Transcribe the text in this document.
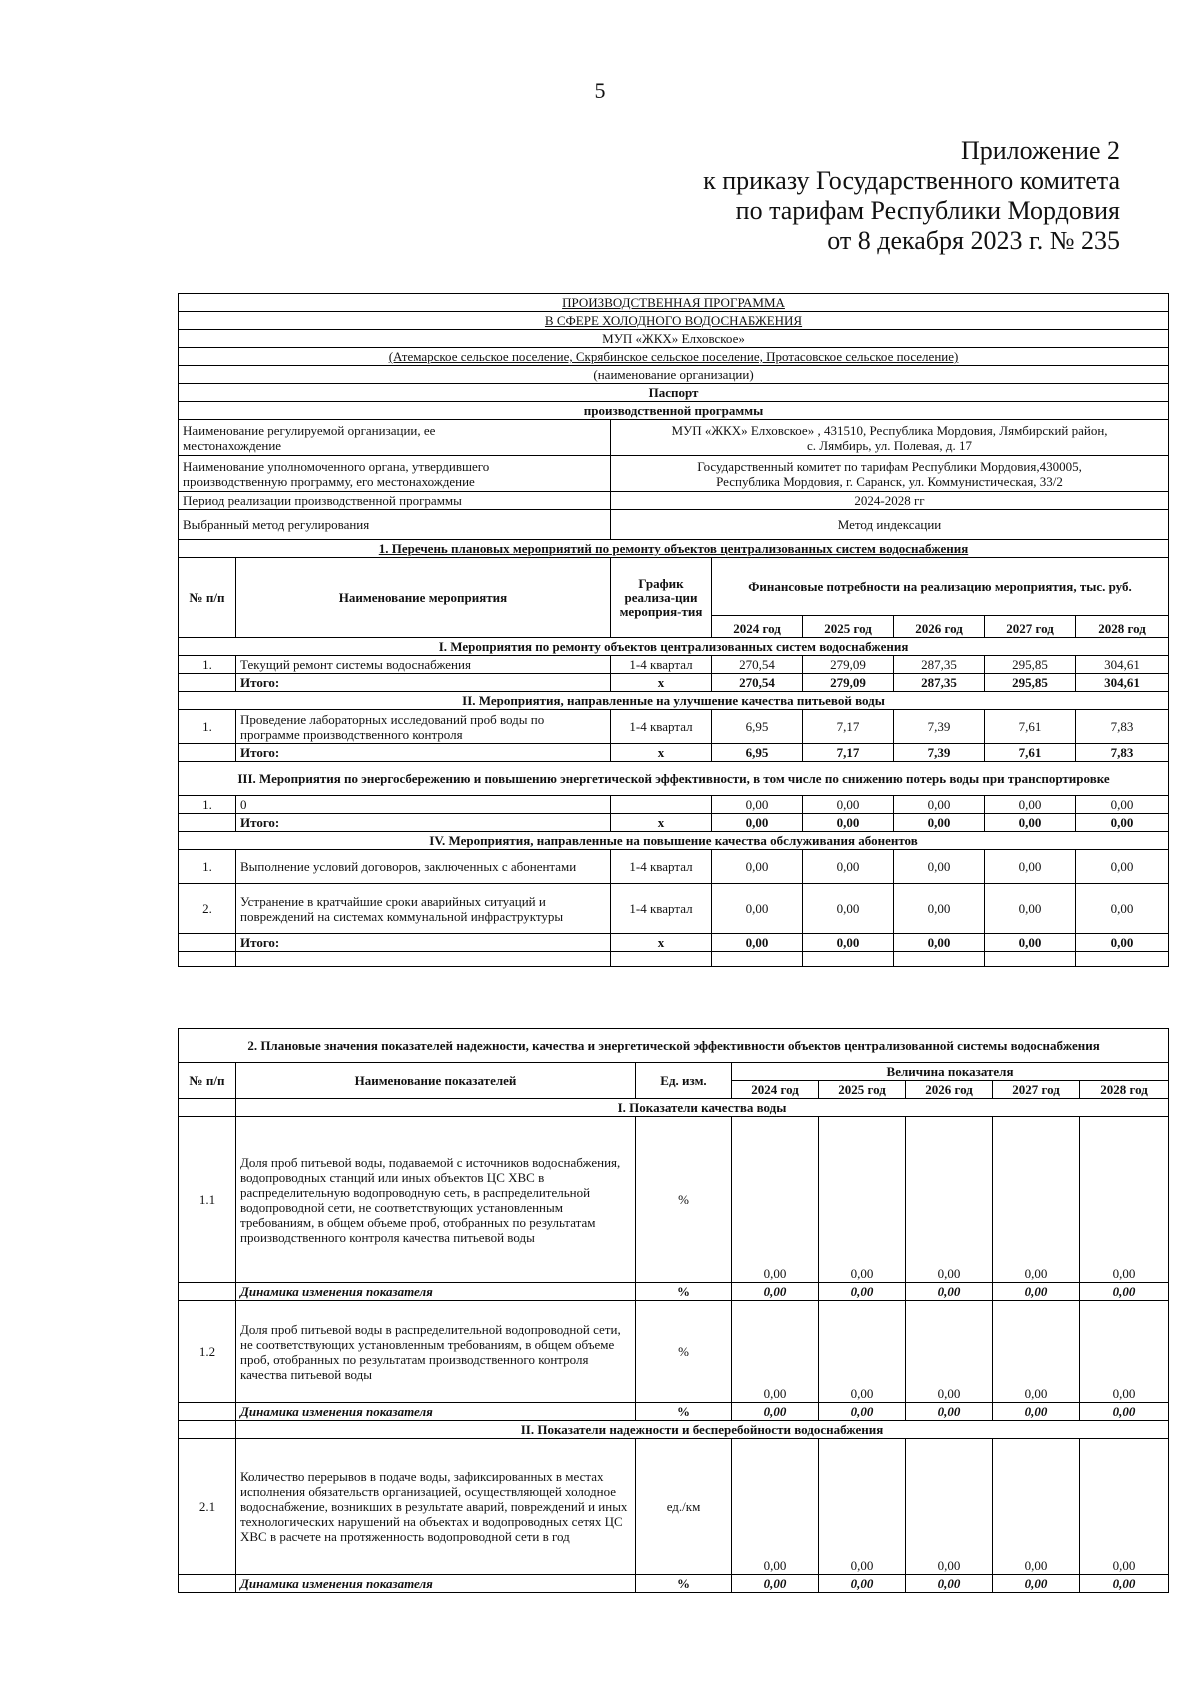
5
Приложение 2
к приказу Государственного комитета
по тарифам Республики Мордовия
от 8 декабря 2023 г. № 235
ПРОИЗВОДСТВЕННАЯ ПРОГРАММА							
В СФЕРЕ ХОЛОДНОГО ВОДОСНАБЖЕНИЯ							
МУП «ЖКХ» Елховское»							
(Атемарское сельское поселение, Скрябинское сельское поселение, Протасовское сельское поселение)							
(наименование организации)							
Паспорт							
производственной программы							
Наименование регулируемой организации, ее
местонахождение		МУП «ЖКХ» Елховское» , 431510, Республика Мордовия, Лямбирский район,
с. Лямбирь, ул. Полевая, д. 17					
Наименование уполномоченного органа, утвердившего
производственную программу, его местонахождение		Государственный комитет по тарифам Республики Мордовия,430005,
Республика Мордовия, г. Саранск, ул. Коммунистическая, 33/2					
Период реализации производственной программы		2024-2028 гг					
Выбранный метод регулирования		Метод индексации					
1. Перечень плановых мероприятий по ремонту объектов централизованных систем водоснабжения							
№ п/п	Наименование мероприятия	График реализа-ции мероприя-тия	Финансовые потребности на реализацию мероприятия, тыс. руб.				
			2024 год	2025 год	2026 год	2027 год	2028 год
I. Мероприятия по ремонту объектов централизованных систем водоснабжения							
1.	Текущий ремонт системы водоснабжения	1-4 квартал	270,54	279,09	287,35	295,85	304,61
	Итого:	х	270,54	279,09	287,35	295,85	304,61
II. Мероприятия, направленные на улучшение качества питьевой воды							
1.	Проведение лабораторных исследований проб воды по программе производственного контроля	1-4 квартал	6,95	7,17	7,39	7,61	7,83
	Итого:	х	6,95	7,17	7,39	7,61	7,83
III. Мероприятия по энергосбережению и повышению энергетической эффективности, в том числе по снижению потерь воды при транспортировке							
1.	0		0,00	0,00	0,00	0,00	0,00
	Итого:	х	0,00	0,00	0,00	0,00	0,00
IV. Мероприятия, направленные на повышение качества обслуживания абонентов							
1.	Выполнение условий договоров, заключенных с абонентами	1-4 квартал	0,00	0,00	0,00	0,00	0,00
2.	Устранение в кратчайшие сроки аварийных ситуаций и повреждений на системах коммунальной инфраструктуры	1-4 квартал	0,00	0,00	0,00	0,00	0,00
	Итого:	х	0,00	0,00	0,00	0,00	0,00

2. Плановые значения показателей надежности, качества и энергетической эффективности объектов централизованной системы водоснабжения							
№ п/п	Наименование показателей	Ед. изм.	Величина показателя				
			2024 год	2025 год	2026 год	2027 год	2028 год
	I. Показатели качества воды						
1.1	Доля проб питьевой воды, подаваемой с источников водоснабжения, водопроводных станций или иных объектов ЦС ХВС в распределительную водопроводную сеть, в распределительной водопроводной сети, не соответствующих установленным требованиям, в общем объеме проб, отобранных по результатам производственного контроля качества питьевой воды	%	0,00	0,00	0,00	0,00	0,00
	Динамика изменения показателя	%	0,00	0,00	0,00	0,00	0,00
1.2	Доля проб питьевой воды в распределительной водопроводной сети, не соответствующих установленным требованиям, в общем объеме проб, отобранных по результатам производственного контроля качества питьевой воды	%	0,00	0,00	0,00	0,00	0,00
	Динамика изменения показателя	%	0,00	0,00	0,00	0,00	0,00
	II. Показатели надежности и бесперебойности водоснабжения						
2.1	Количество перерывов в подаче воды, зафиксированных в местах исполнения обязательств организацией, осуществляющей холодное водоснабжение, возникших в результате аварий, повреждений и иных технологических нарушений на объектах и водопроводных сетях ЦС ХВС в расчете на протяженность водопроводной сети в год	ед./км	0,00	0,00	0,00	0,00	0,00
	Динамика изменения показателя	%	0,00	0,00	0,00	0,00	0,00
